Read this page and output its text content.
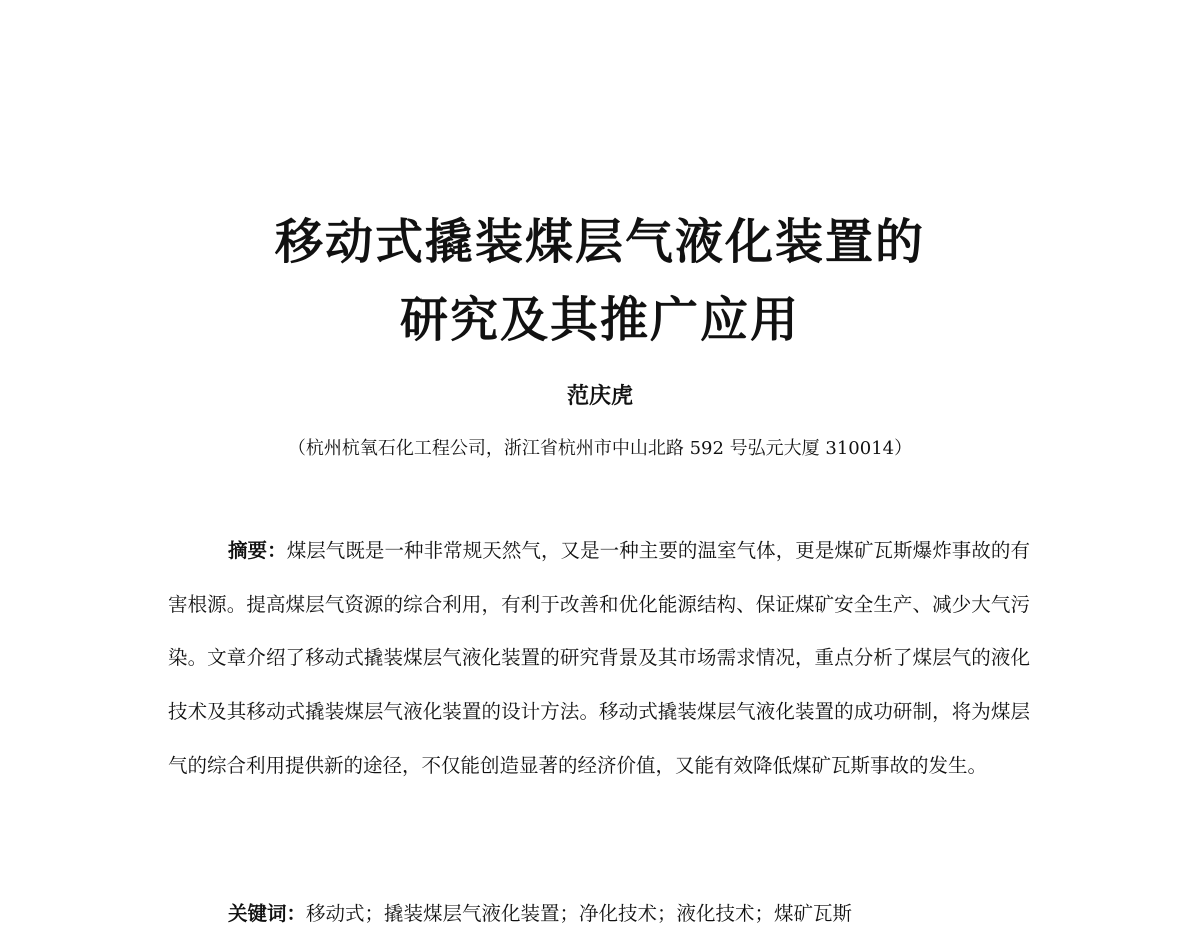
移动式撬装煤层气液化装置的
研究及其推广应用
范庆虎
（杭州杭氧石化工程公司，浙江省杭州市中山北路 592 号弘元大厦 310014）

摘要：煤层气既是一种非常规天然气，又是一种主要的温室气体，更是煤矿瓦斯爆炸事故的有害根源。提高煤层气资源的综合利用，有利于改善和优化能源结构、保证煤矿安全生产、减少大气污染。文章介绍了移动式撬装煤层气液化装置的研究背景及其市场需求情况，重点分析了煤层气的液化技术及其移动式撬装煤层气液化装置的设计方法。移动式撬装煤层气液化装置的成功研制，将为煤层气的综合利用提供新的途径，不仅能创造显著的经济价值，又能有效降低煤矿瓦斯事故的发生。

关键词：移动式；撬装煤层气液化装置；净化技术；液化技术；煤矿瓦斯
